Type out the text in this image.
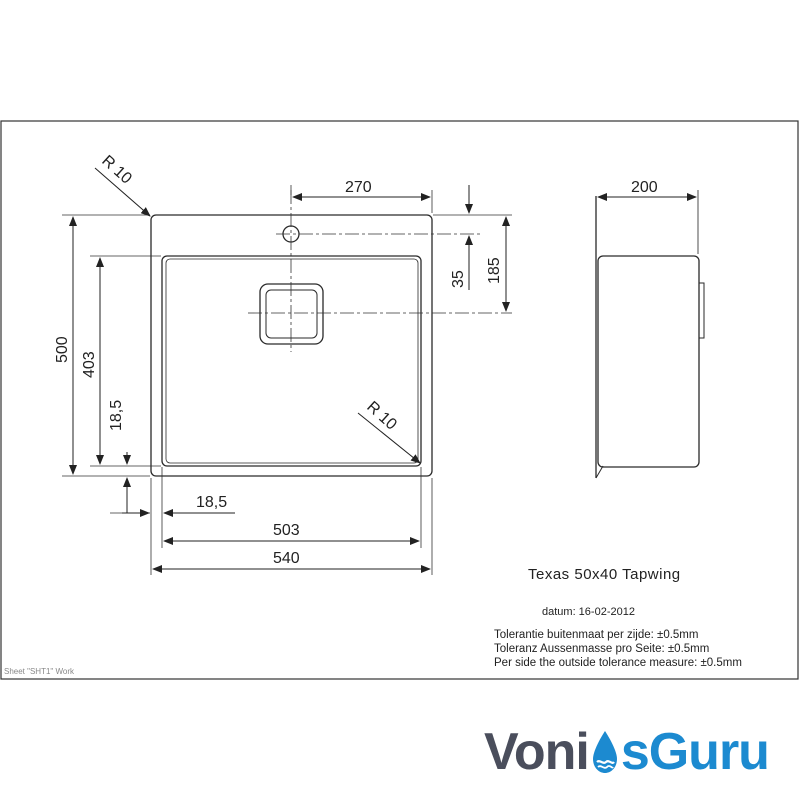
R 10
R 10
270
35 185
500
403
18,5
18,5
503
540
200
Texas 50x40 Tapwing
datum: 16-02-2012
Tolerantie buitenmaat per zijde: ±0.5mm
Toleranz Aussenmasse pro Seite: ±0.5mm
Per side the outside tolerance measure: ±0.5mm
Sheet "SHT1" Work
Voni sGuru
